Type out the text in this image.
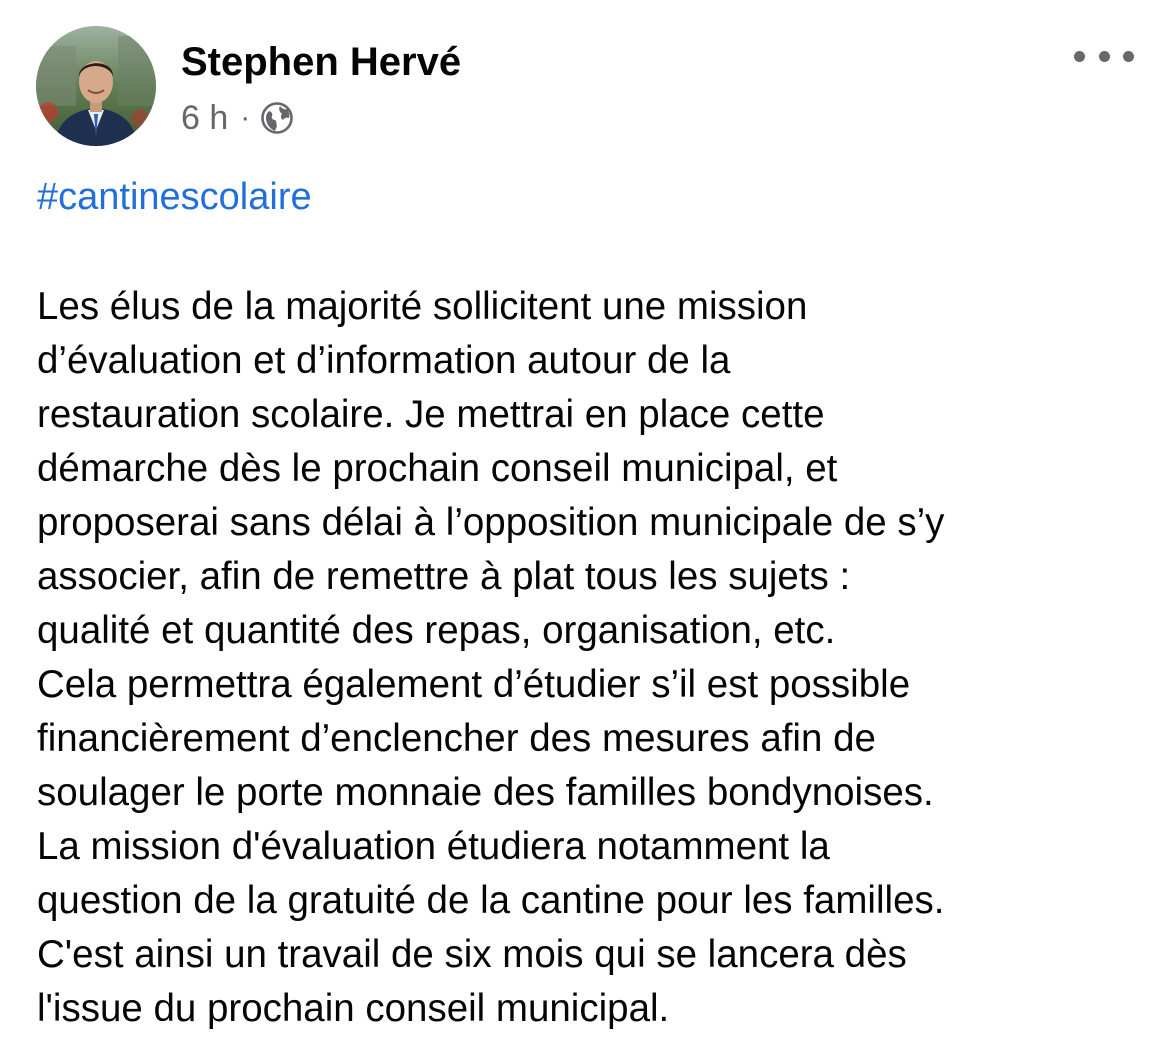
Stephen Hervé
6 h ·
#cantinescolaire
Les élus de la majorité sollicitent une mission
d’évaluation et d’information autour de la
restauration scolaire. Je mettrai en place cette
démarche dès le prochain conseil municipal, et
proposerai sans délai à l’opposition municipale de s’y
associer, afin de remettre à plat tous les sujets :
qualité et quantité des repas, organisation, etc.
Cela permettra également d’étudier s’il est possible
financièrement d’enclencher des mesures afin de
soulager le porte monnaie des familles bondynoises.
La mission d'évaluation étudiera notamment la
question de la gratuité de la cantine pour les familles.
C'est ainsi un travail de six mois qui se lancera dès
l'issue du prochain conseil municipal.
